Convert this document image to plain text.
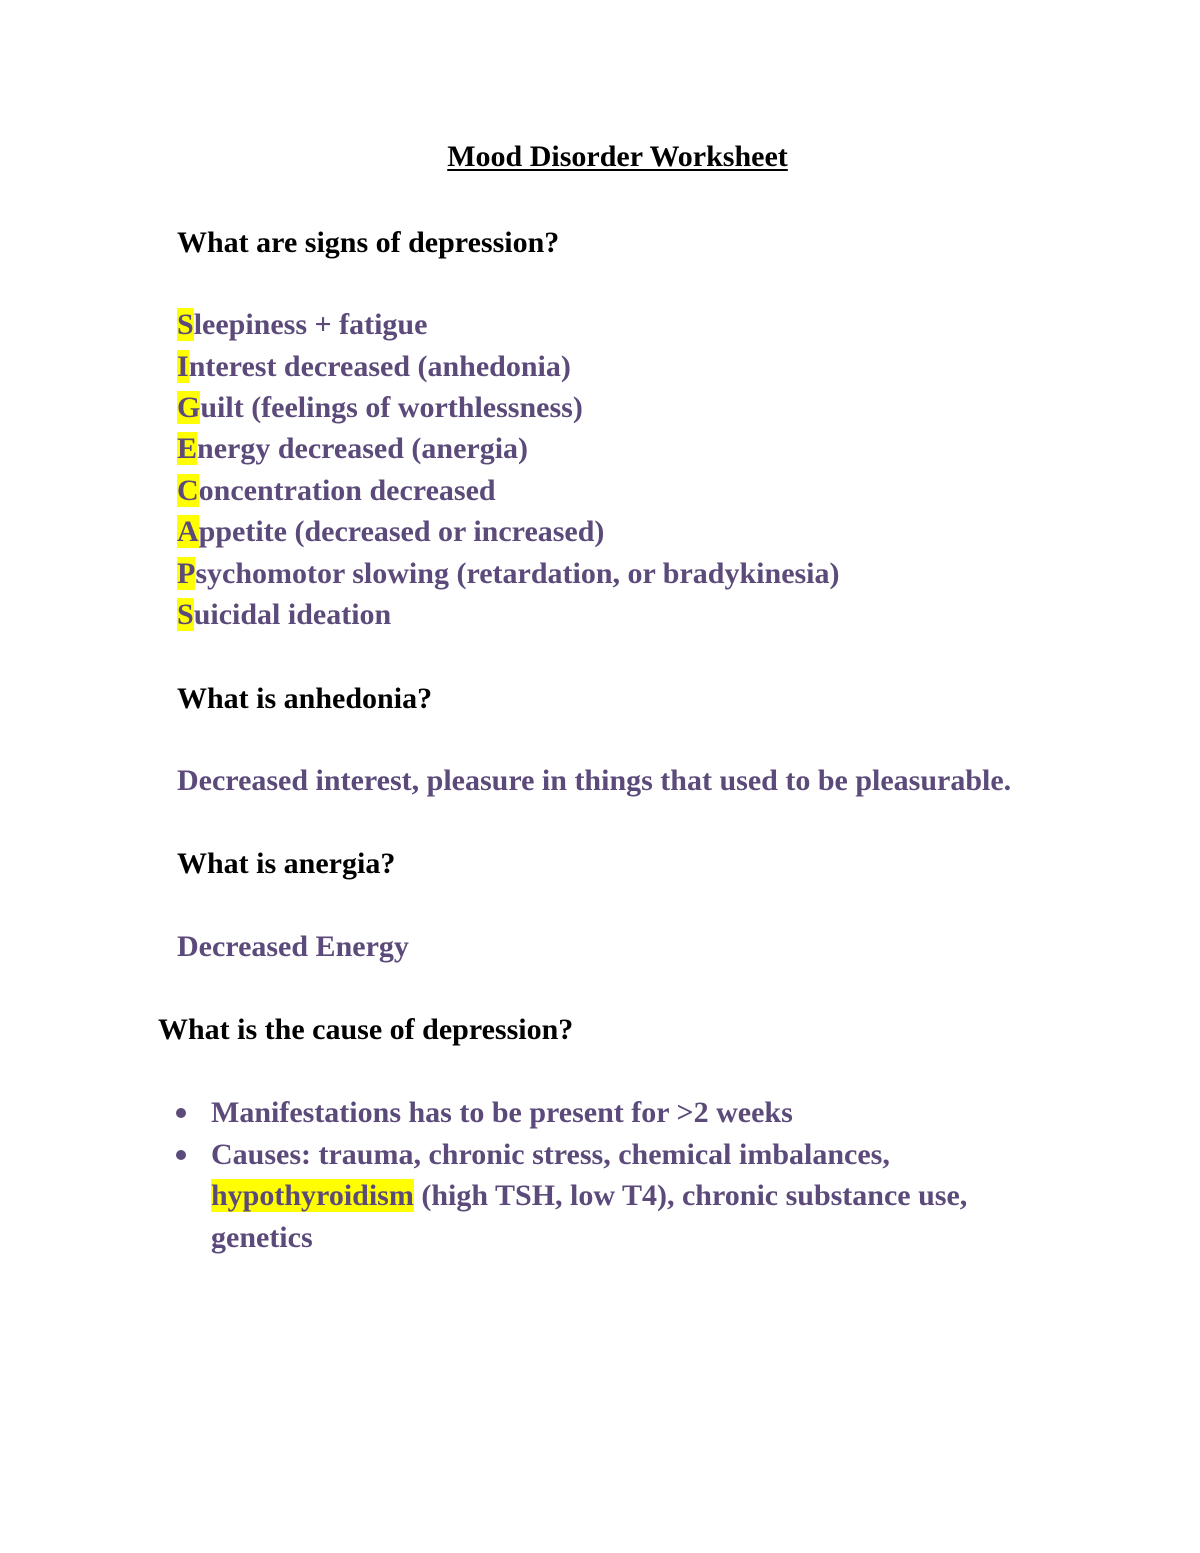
Mood Disorder Worksheet
What are signs of depression?
Sleepiness + fatigue
Interest decreased (anhedonia)
Guilt (feelings of worthlessness)
Energy decreased (anergia)
Concentration decreased
Appetite (decreased or increased)
Psychomotor slowing (retardation, or bradykinesia)
Suicidal ideation
What is anhedonia?
Decreased interest, pleasure in things that used to be pleasurable.
What is anergia?
Decreased Energy
What is the cause of depression?
Manifestations has to be present for >2 weeks
Causes: trauma, chronic stress, chemical imbalances,
hypothyroidism (high TSH, low T4), chronic substance use,
genetics
